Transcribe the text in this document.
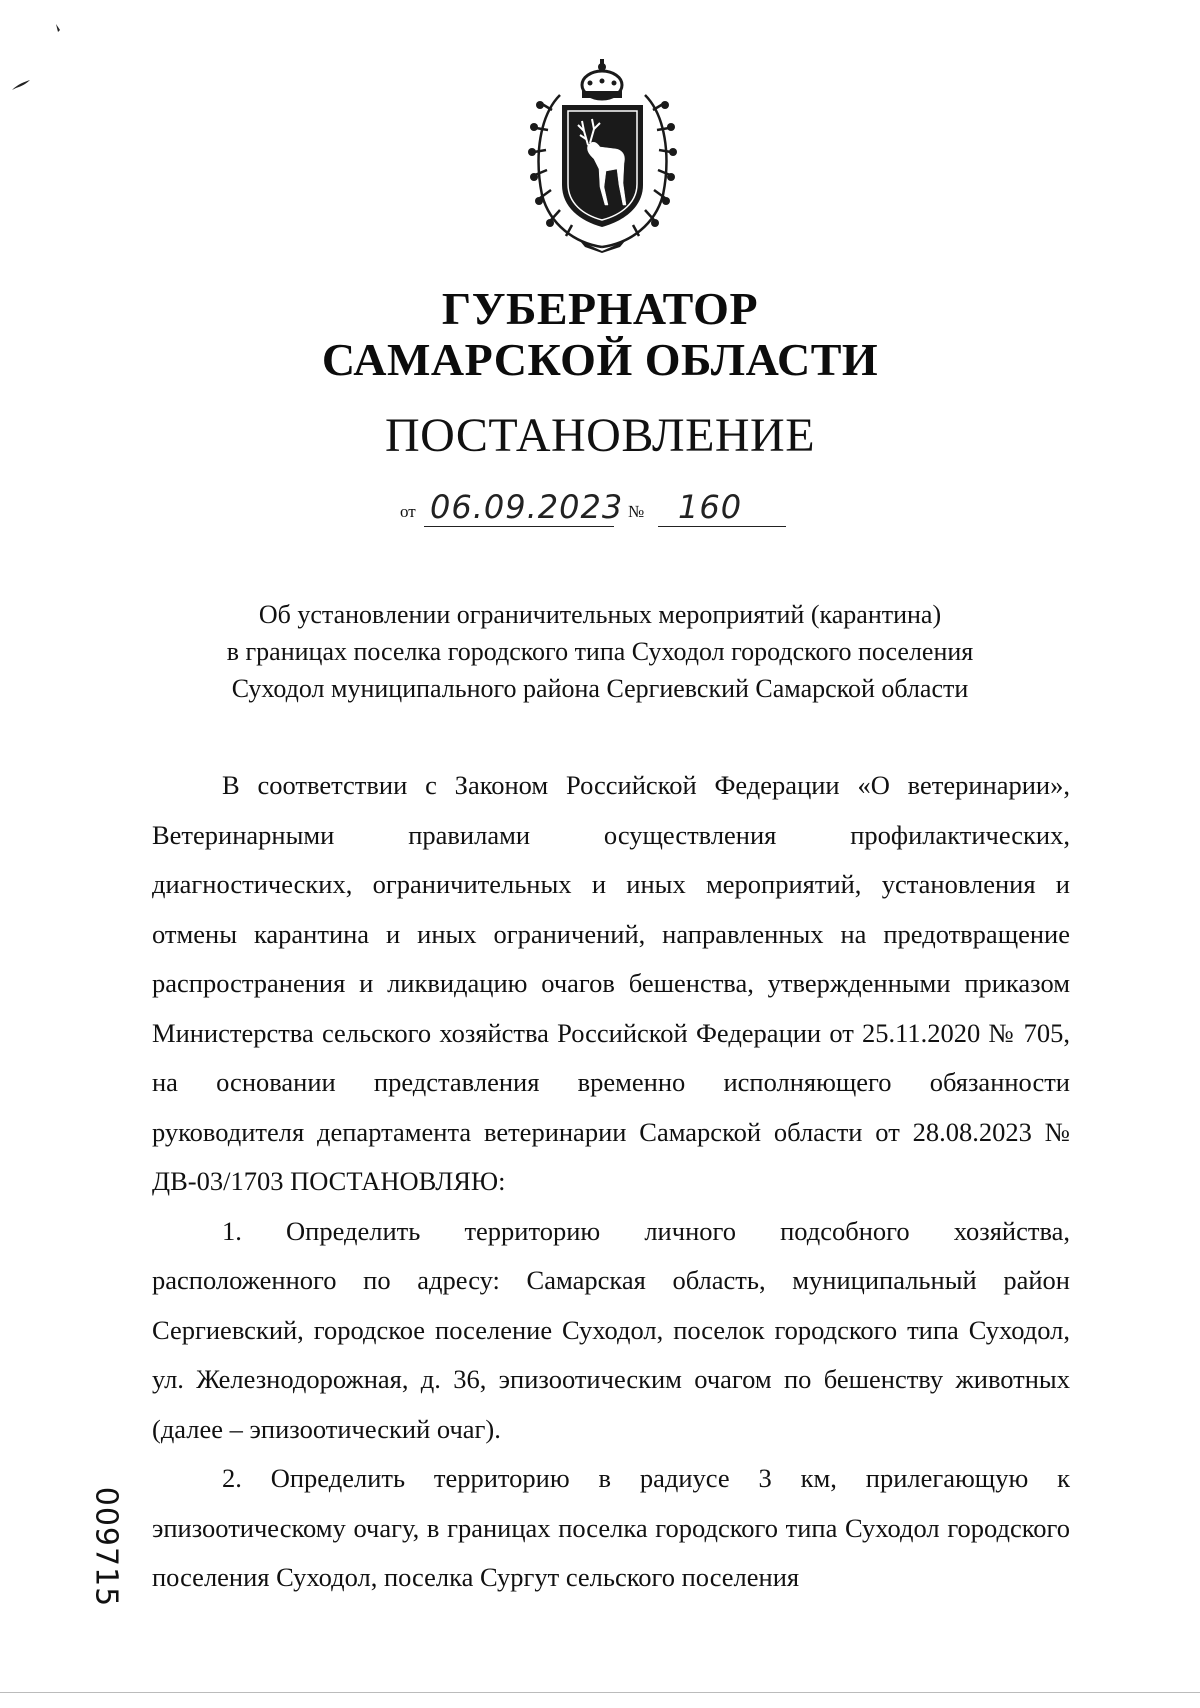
ГУБЕРНАТОР
САМАРСКОЙ ОБЛАСТИ
ПОСТАНОВЛЕНИЕ
от 06.09.2023 № 160
Об установлении ограничительных мероприятий (карантина)
в границах поселка городского типа Суходол городского поселения
Суходол муниципального района Сергиевский Самарской области
В соответствии с Законом Российской Федерации «О ветеринарии», Ветеринарными правилами осуществления профилактических, диагностических, ограничительных и иных мероприятий, установления и отмены карантина и иных ограничений, направленных на предотвращение распространения и ликвидацию очагов бешенства, утвержденными приказом Министерства сельского хозяйства Российской Федерации от 25.11.2020 № 705, на основании представления временно исполняющего обязанности руководителя департамента ветеринарии Самарской области от 28.08.2023 № ДВ-03/1703 ПОСТАНОВЛЯЮ:
1. Определить территорию личного подсобного хозяйства, расположенного по адресу: Самарская область, муниципальный район Сергиевский, городское поселение Суходол, поселок городского типа Суходол, ул. Железнодорожная, д. 36, эпизоотическим очагом по бешенству животных (далее – эпизоотический очаг).
2. Определить территорию в радиусе 3 км, прилегающую к эпизоотическому очагу, в границах поселка городского типа Суходол городского поселения Суходол, поселка Сургут сельского поселения
009715
